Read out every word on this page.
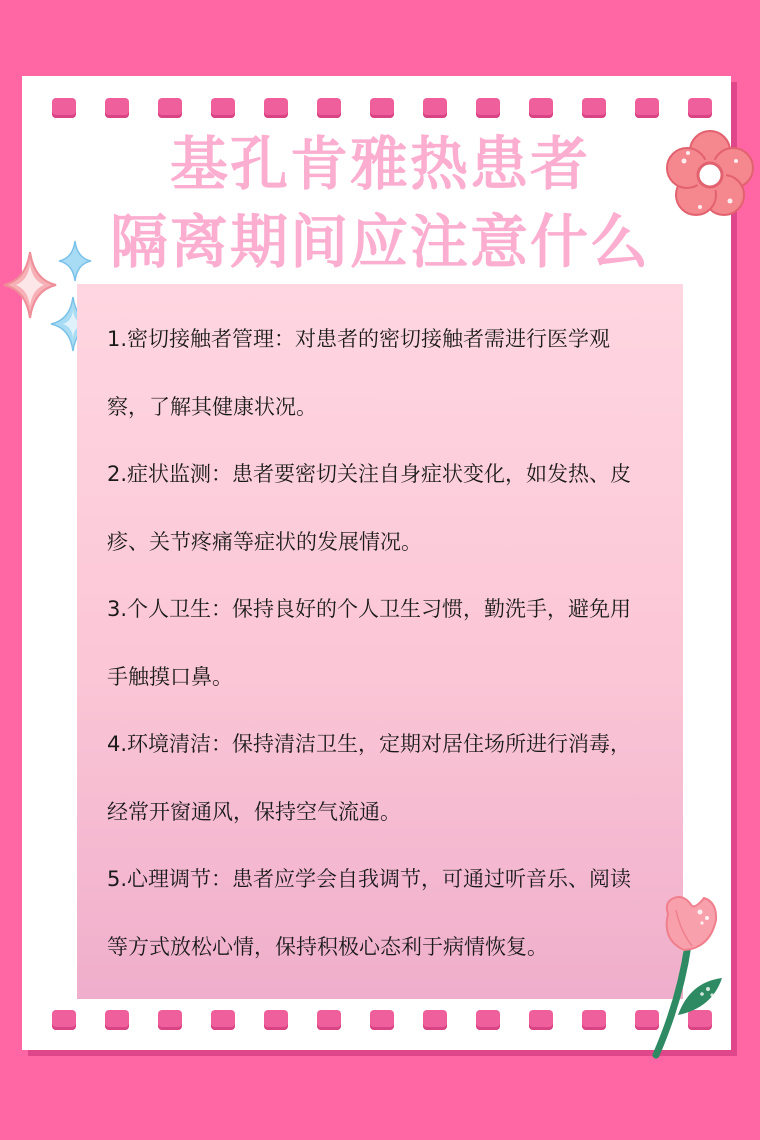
基孔肯雅热患者
隔离期间应注意什么

1.密切接触者管理：对患者的密切接触者需进行医学观察，了解其健康状况。

2.症状监测：患者要密切关注自身症状变化，如发热、皮疹、关节疼痛等症状的发展情况。

3.个人卫生：保持良好的个人卫生习惯，勤洗手，避免用手触摸口鼻。

4.环境清洁：保持清洁卫生，定期对居住场所进行消毒，经常开窗通风，保持空气流通。

5.心理调节：患者应学会自我调节，可通过听音乐、阅读等方式放松心情，保持积极心态利于病情恢复。
